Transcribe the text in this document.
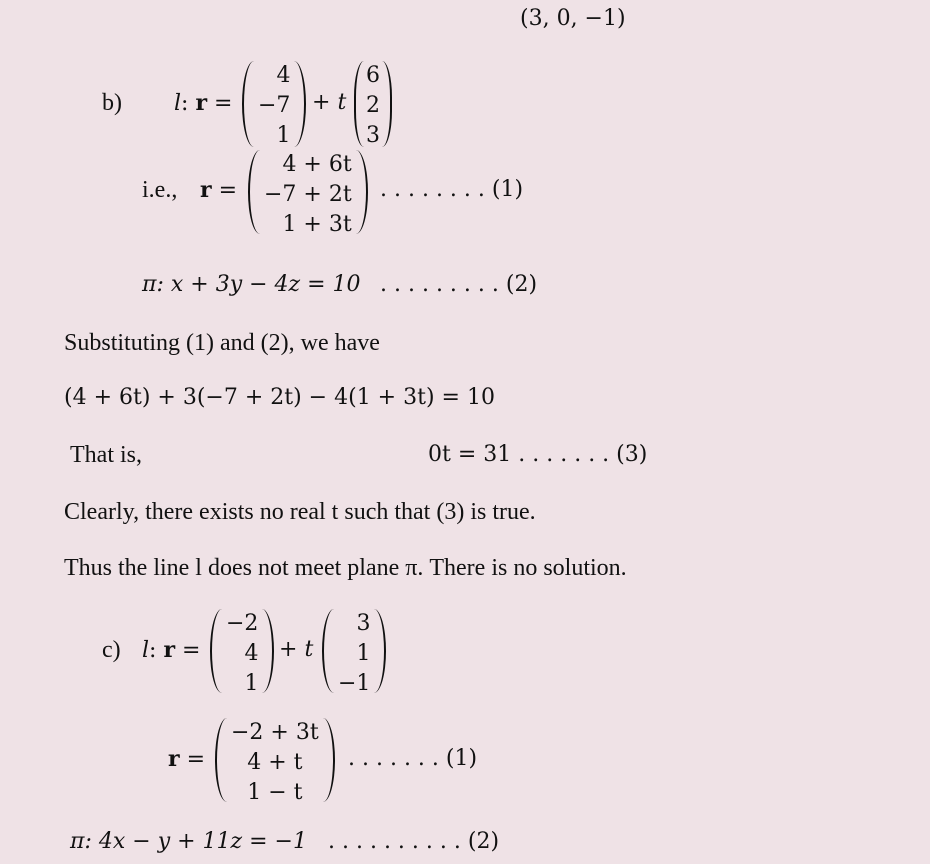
(3, 0, −1)
b) l: r =
4
−7
1
+ t
6
2
3
i.e., r =
4 + 6t
−7 + 2t
1 + 3t
. . . . . . . . (1)
π: x + 3y − 4z = 10 . . . . . . . . . (2)
Substituting (1) and (2), we have
(4 + 6t) + 3(−7 + 2t) − 4(1 + 3t) = 10
That is,	0t = 31 . . . . . . . (3)
Clearly, there exists no real t such that (3) is true.
Thus the line l does not meet plane π. There is no solution.
c) l: r =
−2
4
1
+ t
3
1
−1
r =
−2 + 3t
4 + t
1 − t
. . . . . . . (1)
π: 4x − y + 11z = −1 . . . . . . . . . . (2)
